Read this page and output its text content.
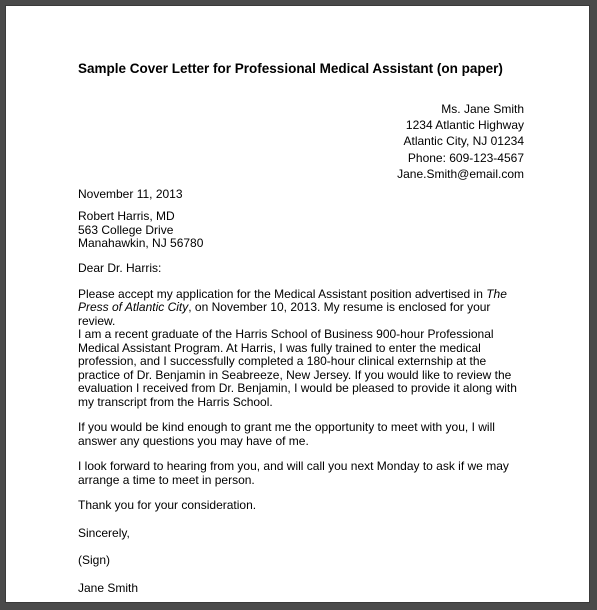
Sample Cover Letter for Professional Medical Assistant (on paper)
Ms. Jane Smith
1234 Atlantic Highway
Atlantic City, NJ 01234
Phone: 609-123-4567
Jane.Smith@email.com
November 11, 2013
Robert Harris, MD
563 College Drive
Manahawkin, NJ 56780

Dear Dr. Harris:

Please accept my application for the Medical Assistant position advertised in The Press of Atlantic City, on November 10, 2013. My resume is enclosed for your review.

I am a recent graduate of the Harris School of Business 900-hour Professional Medical Assistant Program. At Harris, I was fully trained to enter the medical profession, and I successfully completed a 180-hour clinical externship at the practice of Dr. Benjamin in Seabreeze, New Jersey. If you would like to review the evaluation I received from Dr. Benjamin, I would be pleased to provide it along with my transcript from the Harris School.

If you would be kind enough to grant me the opportunity to meet with you, I will answer any questions you may have of me.

I look forward to hearing from you, and will call you next Monday to ask if we may arrange a time to meet in person.

Thank you for your consideration.

Sincerely,

(Sign)

Jane Smith
